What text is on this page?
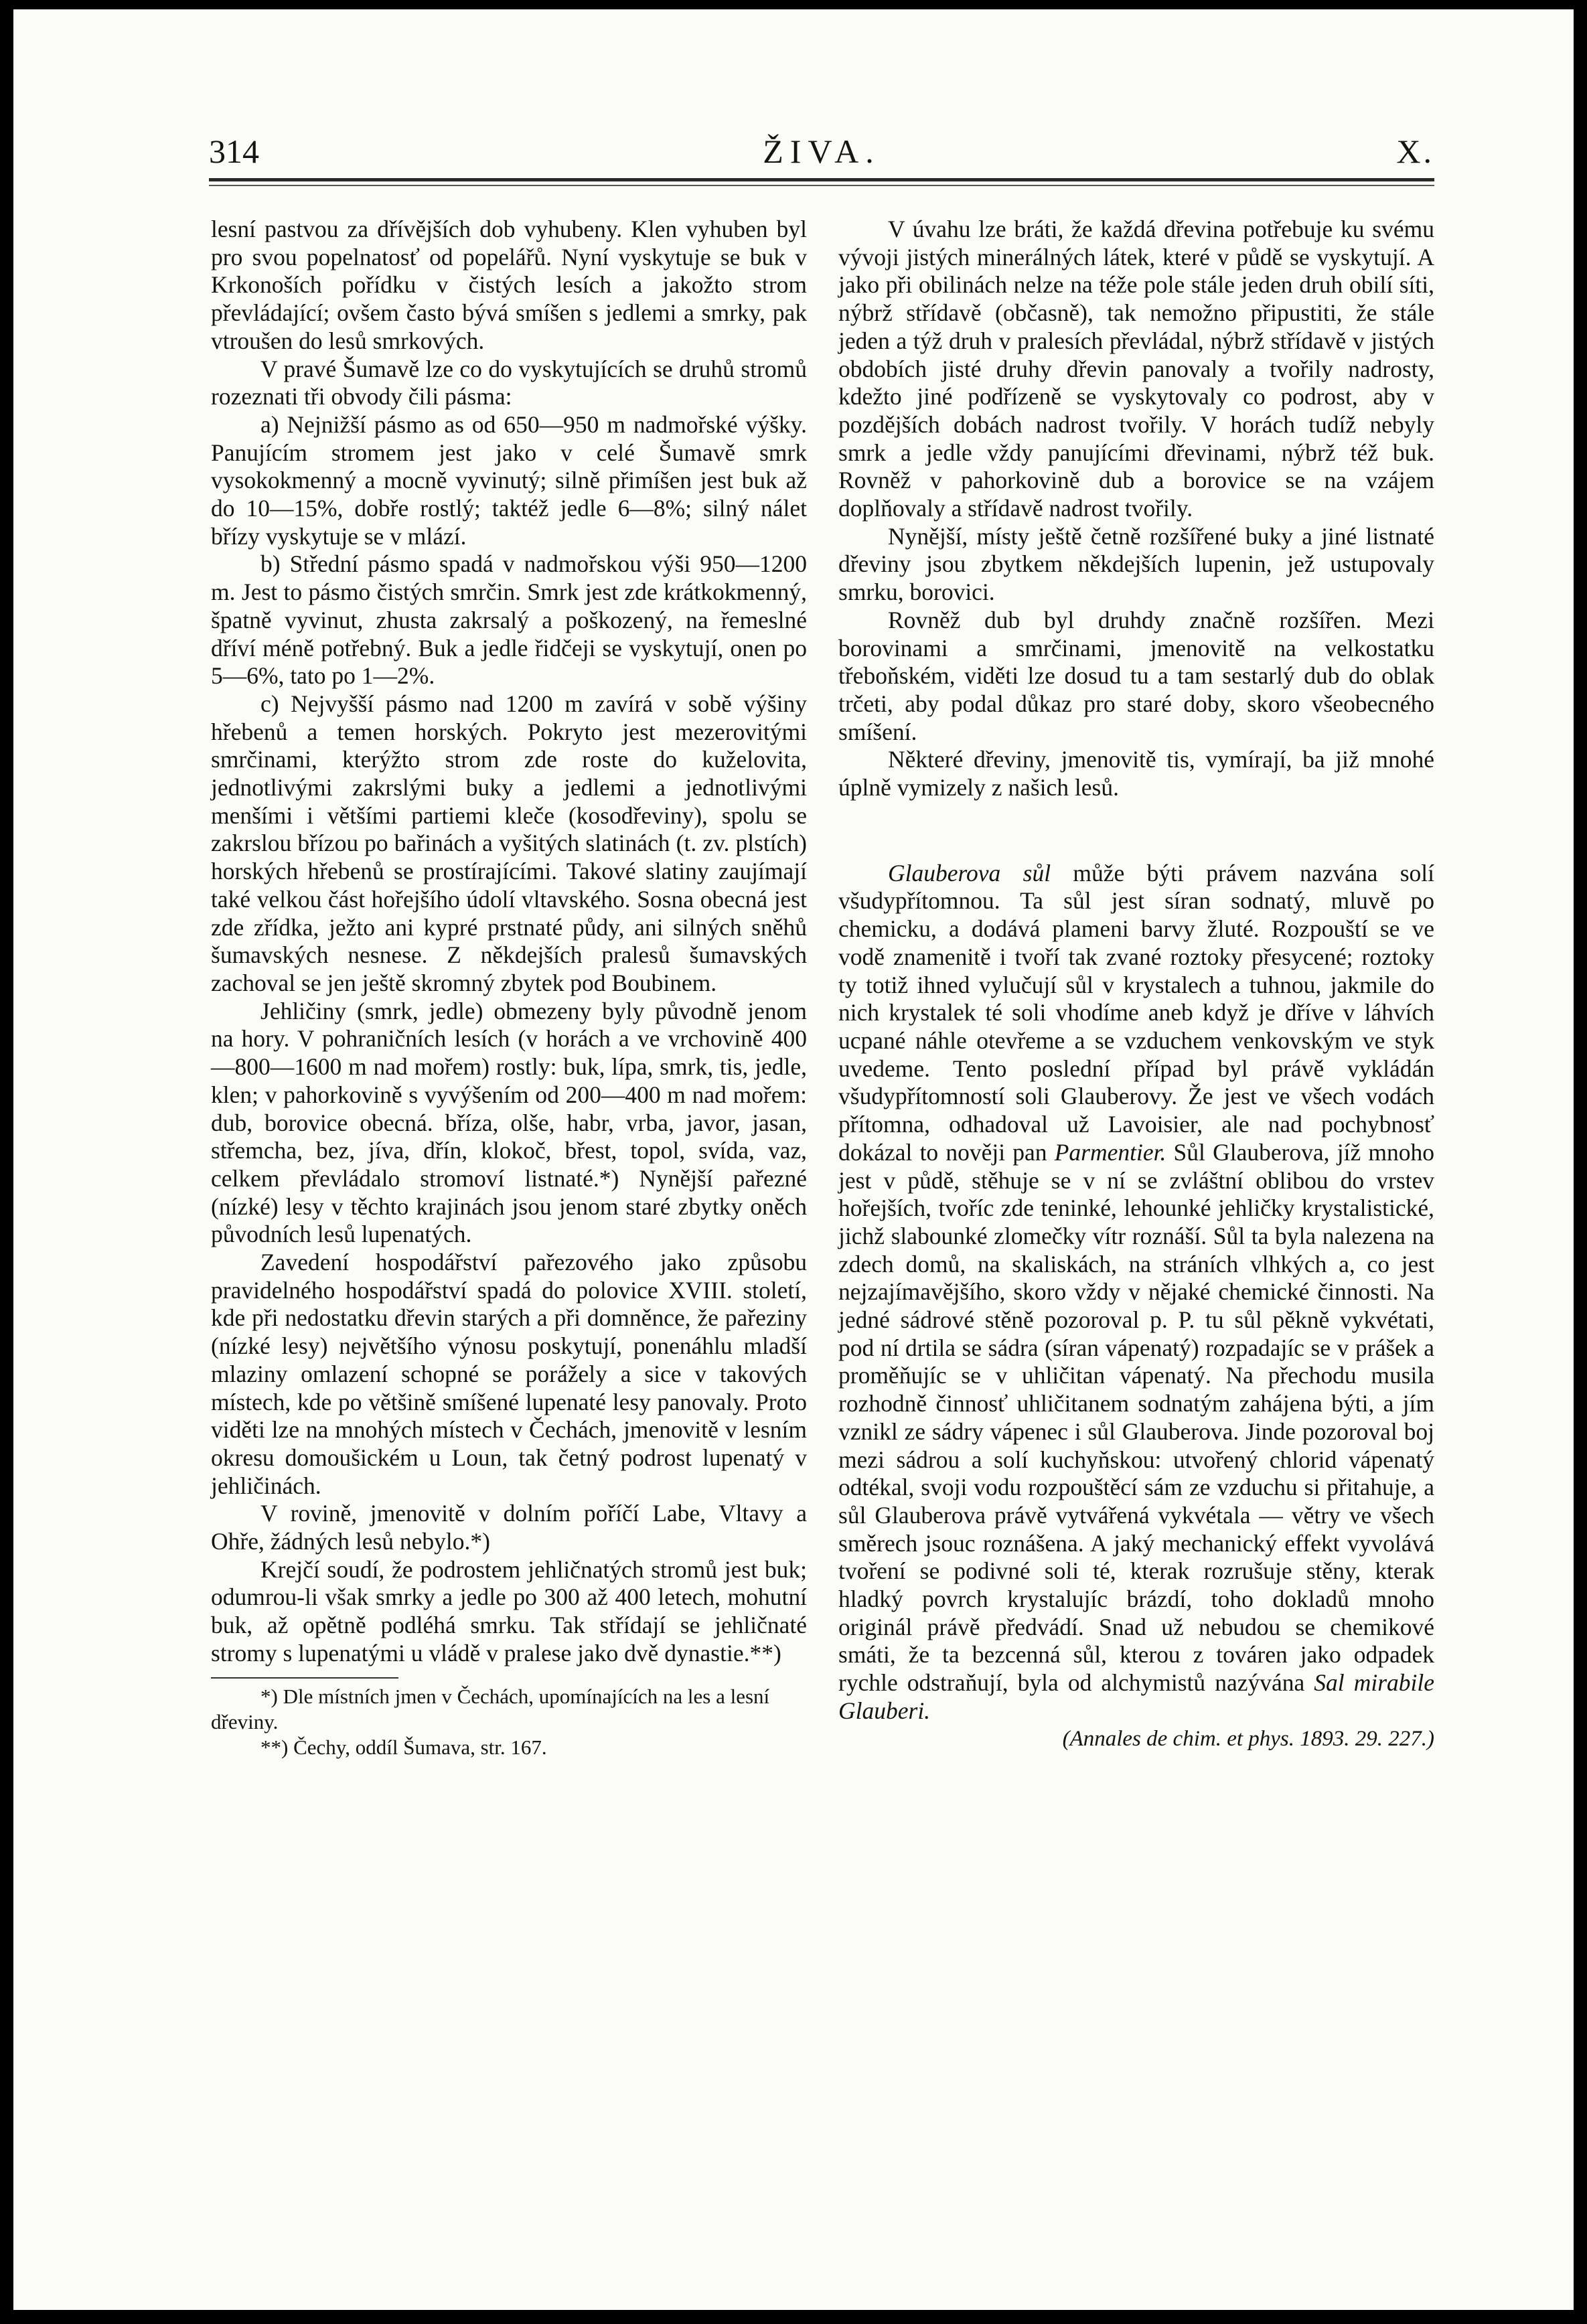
314	ŽIVA.	X.

lesní pastvou za dřívějších dob vyhubeny. Klen vyhuben byl pro svou popelnatosť od popelářů. Nyní vyskytuje se buk v Krkonoších pořídku v čistých lesích a jakožto strom převládající; ovšem často bývá smíšen s jedlemi a smrky, pak vtroušen do lesů smrkových.

V pravé Šumavě lze co do vyskytujících se druhů stromů rozeznati tři obvody čili pásma:

a) Nejnižší pásmo as od 650—950 m nadmořské výšky. Panujícím stromem jest jako v celé Šumavě smrk vysokokmenný a mocně vyvinutý; silně přimíšen jest buk až do 10—15%, dobře rostlý; taktéž jedle 6—8%; silný nálet břízy vyskytuje se v mlází.

b) Střední pásmo spadá v nadmořskou výši 950—1200 m. Jest to pásmo čistých smrčin. Smrk jest zde krátkokmenný, špatně vyvinut, zhusta zakrsalý a poškozený, na řemeslné dříví méně potřebný. Buk a jedle řidčeji se vyskytují, onen po 5—6%, tato po 1—2%.

c) Nejvyšší pásmo nad 1200 m zavírá v sobě výšiny hřebenů a temen horských. Pokryto jest mezerovitými smrčinami, kterýžto strom zde roste do kuželovita, jednotlivými zakrslými buky a jedlemi a jednotlivými menšími i většími partiemi kleče (kosodřeviny), spolu se zakrslou břízou po bařinách a vyšitých slatinách (t. zv. plstích) horských hřebenů se prostírajícími. Takové slatiny zaujímají také velkou část hořejšího údolí vltavského. Sosna obecná jest zde zřídka, ježto ani kypré prstnaté půdy, ani silných sněhů šumavských nesnese. Z někdejších pralesů šumavských zachoval se jen ještě skromný zbytek pod Boubinem.

Jehličiny (smrk, jedle) obmezeny byly původně jenom na hory. V pohraničních lesích (v horách a ve vrchovině 400—800—1600 m nad mořem) rostly: buk, lípa, smrk, tis, jedle, klen; v pahorkovině s vyvýšením od 200—400 m nad mořem: dub, borovice obecná. bříza, olše, habr, vrba, javor, jasan, střemcha, bez, jíva, dřín, klokoč, břest, topol, svída, vaz, celkem převládalo stromoví listnaté.*) Nynější pařezné (nízké) lesy v těchto krajinách jsou jenom staré zbytky oněch původních lesů lupenatých.

Zavedení hospodářství pařezového jako způsobu pravidelného hospodářství spadá do polovice XVIII. století, kde při nedostatku dřevin starých a při domněnce, že pařeziny (nízké lesy) největšího výnosu poskytují, ponenáhlu mladší mlaziny omlazení schopné se porážely a sice v takových místech, kde po většině smíšené lupenaté lesy panovaly. Proto viděti lze na mnohých místech v Čechách, jmenovitě v lesním okresu domoušickém u Loun, tak četný podrost lupenatý v jehličinách.

V rovině, jmenovitě v dolním poříčí Labe, Vltavy a Ohře, žádných lesů nebylo.*)

Krejčí soudí, že podrostem jehličnatých stromů jest buk; odumrou-li však smrky a jedle po 300 až 400 letech, mohutní buk, až opětně podléhá smrku. Tak střídají se jehličnaté stromy s lupenatými u vládě v pralese jako dvě dynastie.**)

*) Dle místních jmen v Čechách, upomínajících na les a lesní dřeviny.

**) Čechy, oddíl Šumava, str. 167.

V úvahu lze bráti, že každá dřevina potřebuje ku svému vývoji jistých minerálných látek, které v půdě se vyskytují. A jako při obilinách nelze na téže pole stále jeden druh obilí síti, nýbrž střídavě (občasně), tak nemožno připustiti, že stále jeden a týž druh v pralesích převládal, nýbrž střídavě v jistých obdobích jisté druhy dřevin panovaly a tvořily nadrosty, kdežto jiné podřízeně se vyskytovaly co podrost, aby v pozdějších dobách nadrost tvořily. V horách tudíž nebyly smrk a jedle vždy panujícími dřevinami, nýbrž též buk. Rovněž v pahorkovině dub a borovice se na vzájem doplňovaly a střídavě nadrost tvořily.

Nynější, místy ještě četně rozšířené buky a jiné listnaté dřeviny jsou zbytkem někdejších lupenin, jež ustupovaly smrku, borovici.

Rovněž dub byl druhdy značně rozšířen. Mezi borovinami a smrčinami, jmenovitě na velkostatku třeboňském, viděti lze dosud tu a tam sestarlý dub do oblak trčeti, aby podal důkaz pro staré doby, skoro všeobecného smíšení.

Některé dřeviny, jmenovitě tis, vymírají, ba již mnohé úplně vymizely z našich lesů.

Glauberova sůl může býti právem nazvána solí všudypřítomnou. Ta sůl jest síran sodnatý, mluvě po chemicku, a dodává plameni barvy žluté. Rozpouští se ve vodě znamenitě i tvoří tak zvané roztoky přesycené; roztoky ty totiž ihned vylučují sůl v krystalech a tuhnou, jakmile do nich krystalek té soli vhodíme aneb když je dříve v láhvích ucpané náhle otevřeme a se vzduchem venkovským ve styk uvedeme. Tento poslední případ byl právě vykládán všudypřítomností soli Glauberovy. Že jest ve všech vodách přítomna, odhadoval už Lavoisier, ale nad pochybnosť dokázal to nověji pan Parmentier. Sůl Glauberova, jíž mnoho jest v půdě, stěhuje se v ní se zvláštní oblibou do vrstev hořejších, tvoříc zde teninké, lehounké jehličky krystalistické, jichž slabounké zlomečky vítr roznáší. Sůl ta byla nalezena na zdech domů, na skaliskách, na stráních vlhkých a, co jest nejzajímavějšího, skoro vždy v nějaké chemické činnosti. Na jedné sádrové stěně pozoroval p. P. tu sůl pěkně vykvétati, pod ní drtila se sádra (síran vápenatý) rozpadajíc se v prášek a proměňujíc se v uhličitan vápenatý. Na přechodu musila rozhodně činnosť uhličitanem sodnatým zahájena býti, a jím vznikl ze sádry vápenec i sůl Glauberova. Jinde pozoroval boj mezi sádrou a solí kuchyňskou: utvořený chlorid vápenatý odtékal, svoji vodu rozpouštěcí sám ze vzduchu si přitahuje, a sůl Glauberova právě vytvářená vykvétala — větry ve všech směrech jsouc roznášena. A jaký mechanický effekt vyvolává tvoření se podivné soli té, kterak rozrušuje stěny, kterak hladký povrch krystalujíc brázdí, toho dokladů mnoho originál právě předvádí. Snad už nebudou se chemikové smáti, že ta bezcenná sůl, kterou z továren jako odpadek rychle odstraňují, byla od alchymistů nazývána Sal mirabile Glauberi.

(Annales de chim. et phys. 1893. 29. 227.)
